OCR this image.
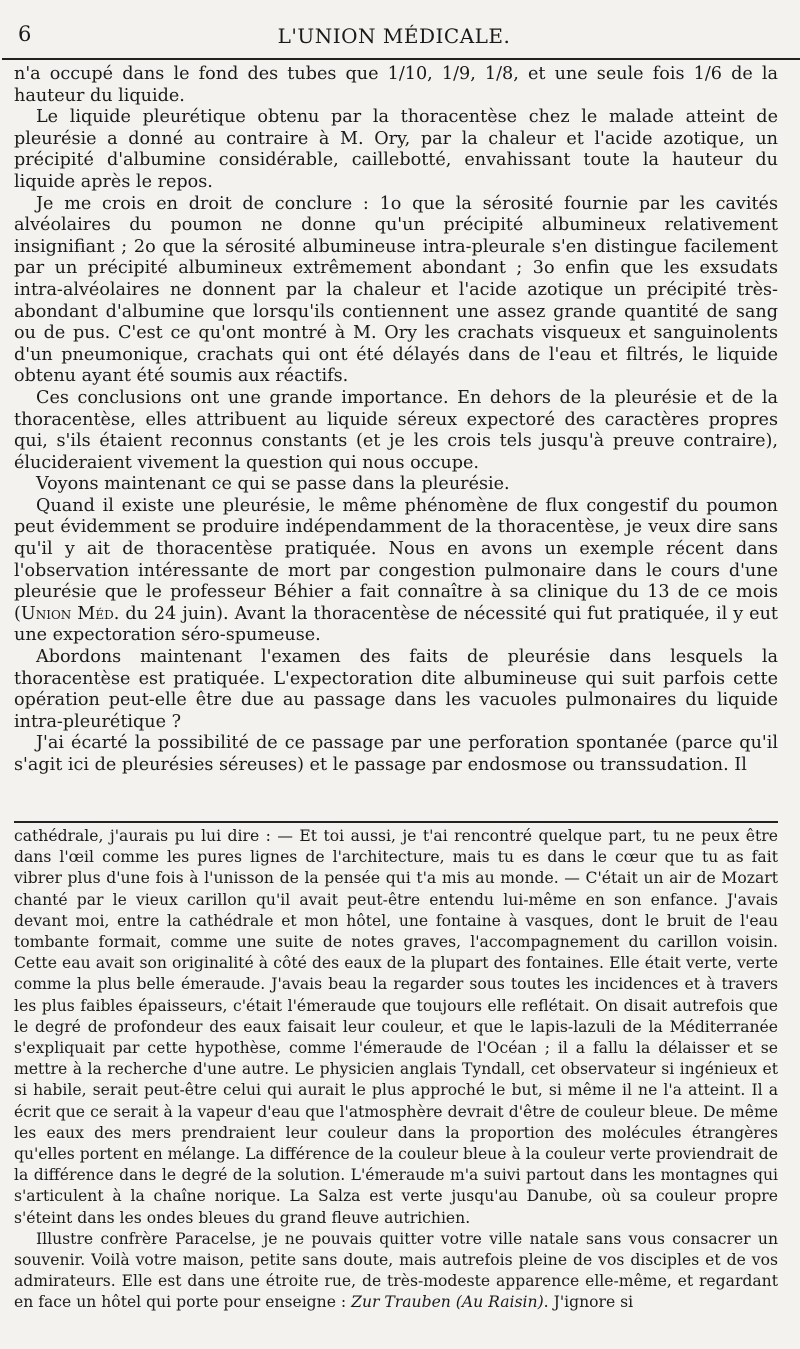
6	L'UNION MÉDICALE.

n'a occupé dans le fond des tubes que 1/10, 1/9, 1/8, et une seule fois 1/6 de la hauteur du liquide.

Le liquide pleurétique obtenu par la thoracentèse chez le malade atteint de pleurésie a donné au contraire à M. Ory, par la chaleur et l'acide azotique, un précipité d'albumine considérable, caillebotté, envahissant toute la hauteur du liquide après le repos.

Je me crois en droit de conclure : 1o que la sérosité fournie par les cavités alvéolaires du poumon ne donne qu'un précipité albumineux relativement insignifiant ; 2o que la sérosité albumineuse intra-pleurale s'en distingue facilement par un précipité albumineux extrêmement abondant ; 3o enfin que les exsudats intra-alvéolaires ne donnent par la chaleur et l'acide azotique un précipité très-abondant d'albumine que lorsqu'ils contiennent une assez grande quantité de sang ou de pus. C'est ce qu'ont montré à M. Ory les crachats visqueux et sanguinolents d'un pneumonique, crachats qui ont été délayés dans de l'eau et filtrés, le liquide obtenu ayant été soumis aux réactifs.

Ces conclusions ont une grande importance. En dehors de la pleurésie et de la thoracentèse, elles attribuent au liquide séreux expectoré des caractères propres qui, s'ils étaient reconnus constants (et je les crois tels jusqu'à preuve contraire), élucideraient vivement la question qui nous occupe.

Voyons maintenant ce qui se passe dans la pleurésie.

Quand il existe une pleurésie, le même phénomène de flux congestif du poumon peut évidemment se produire indépendamment de la thoracentèse, je veux dire sans qu'il y ait de thoracentèse pratiquée. Nous en avons un exemple récent dans l'observation intéressante de mort par congestion pulmonaire dans le cours d'une pleurésie que le professeur Béhier a fait connaître à sa clinique du 13 de ce mois (Union Méd. du 24 juin). Avant la thoracentèse de nécessité qui fut pratiquée, il y eut une expectoration séro-spumeuse.

Abordons maintenant l'examen des faits de pleurésie dans lesquels la thoracentèse est pratiquée. L'expectoration dite albumineuse qui suit parfois cette opération peut-elle être due au passage dans les vacuoles pulmonaires du liquide intra-pleurétique ?

J'ai écarté la possibilité de ce passage par une perforation spontanée (parce qu'il s'agit ici de pleurésies séreuses) et le passage par endosmose ou transsudation. Il

cathédrale, j'aurais pu lui dire : — Et toi aussi, je t'ai rencontré quelque part, tu ne peux être dans l'œil comme les pures lignes de l'architecture, mais tu es dans le cœur que tu as fait vibrer plus d'une fois à l'unisson de la pensée qui t'a mis au monde. — C'était un air de Mozart chanté par le vieux carillon qu'il avait peut-être entendu lui-même en son enfance. J'avais devant moi, entre la cathédrale et mon hôtel, une fontaine à vasques, dont le bruit de l'eau tombante formait, comme une suite de notes graves, l'accompagnement du carillon voisin. Cette eau avait son originalité à côté des eaux de la plupart des fontaines. Elle était verte, verte comme la plus belle émeraude. J'avais beau la regarder sous toutes les incidences et à travers les plus faibles épaisseurs, c'était l'émeraude que toujours elle reflétait. On disait autrefois que le degré de profondeur des eaux faisait leur couleur, et que le lapis-lazuli de la Méditerranée s'expliquait par cette hypothèse, comme l'émeraude de l'Océan ; il a fallu la délaisser et se mettre à la recherche d'une autre. Le physicien anglais Tyndall, cet observateur si ingénieux et si habile, serait peut-être celui qui aurait le plus approché le but, si même il ne l'a atteint. Il a écrit que ce serait à la vapeur d'eau que l'atmosphère devrait d'être de couleur bleue. De même les eaux des mers prendraient leur couleur dans la proportion des molécules étrangères qu'elles portent en mélange. La différence de la couleur bleue à la couleur verte proviendrait de la différence dans le degré de la solution. L'émeraude m'a suivi partout dans les montagnes qui s'articulent à la chaîne norique. La Salza est verte jusqu'au Danube, où sa couleur propre s'éteint dans les ondes bleues du grand fleuve autrichien.

Illustre confrère Paracelse, je ne pouvais quitter votre ville natale sans vous consacrer un souvenir. Voilà votre maison, petite sans doute, mais autrefois pleine de vos disciples et de vos admirateurs. Elle est dans une étroite rue, de très-modeste apparence elle-même, et regardant en face un hôtel qui porte pour enseigne : Zur Trauben (Au Raisin). J'ignore si
